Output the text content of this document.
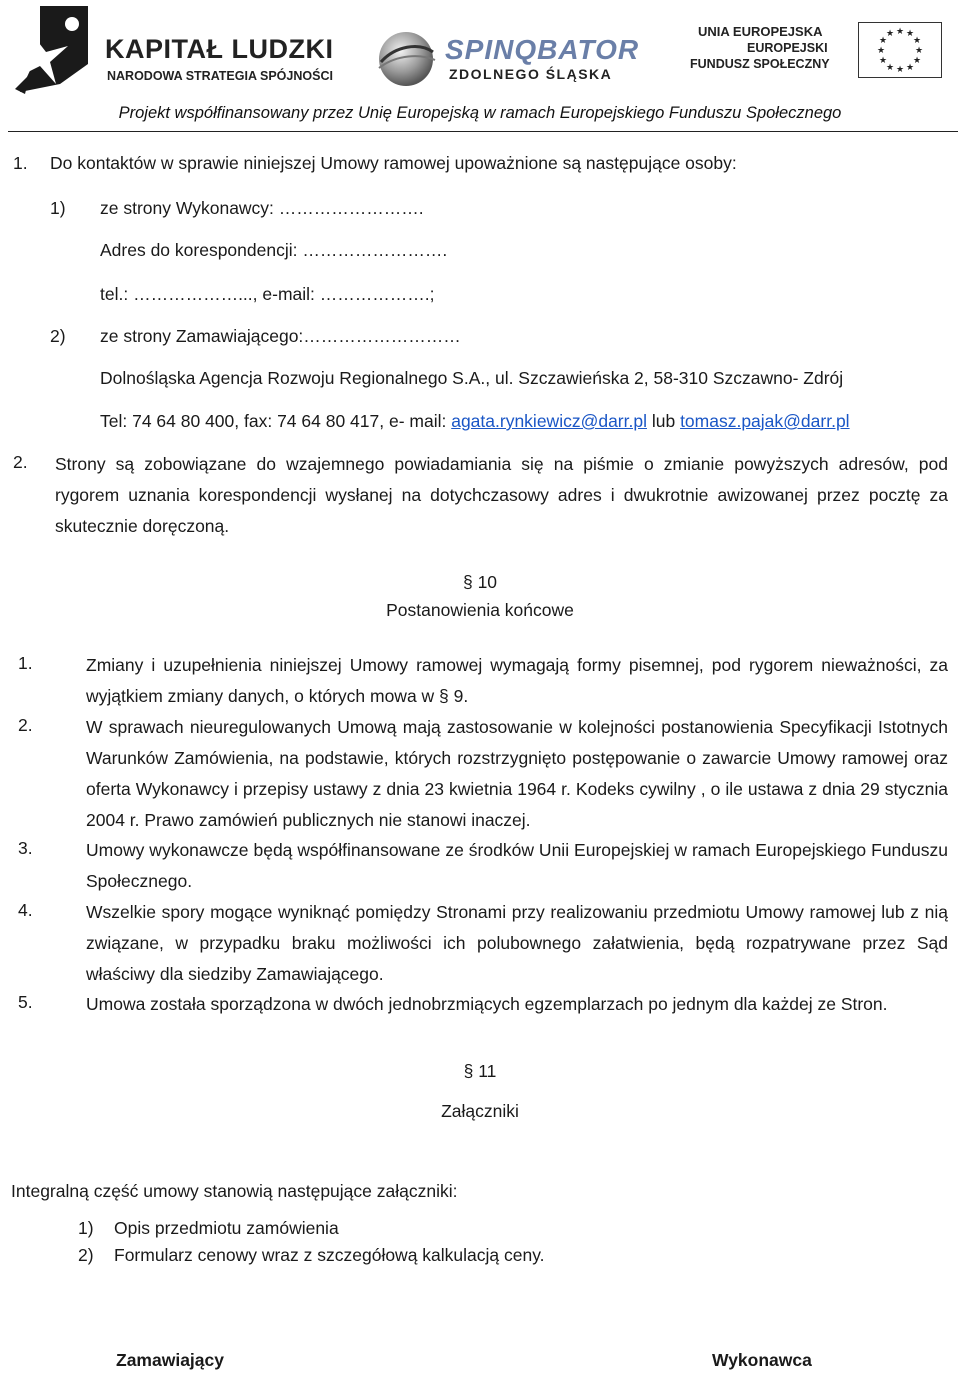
KAPITAŁ LUDZKI
NARODOWA STRATEGIA SPÓJNOŚCI
SPINQBATOR
ZDOLNEGO ŚLĄSKA
UNIA EUROPEJSKA
EUROPEJSKI
FUNDUSZ SPOŁECZNY
★ ★
★
★
★
★
★
★
★
★
★
★
Projekt współfinansowany przez Unię Europejską w ramach Europejskiego Funduszu Społecznego
1. Do kontaktów w sprawie niniejszej Umowy ramowej upoważnione są następujące osoby:
1) ze strony Wykonawcy: …………………….
Adres do korespondencji: …………………….
tel.: ………………..., e-mail: ……………….;
2) ze strony Zamawiającego:………………………
Dolnośląska Agencja Rozwoju Regionalnego S.A., ul. Szczawieńska 2, 58-310 Szczawno- Zdrój
Tel: 74 64 80 400, fax: 74 64 80 417, e- mail: agata.rynkiewicz@darr.pl lub tomasz.pajak@darr.pl
2. Strony są zobowiązane do wzajemnego powiadamiania się na piśmie o zmianie powyższych adresów, pod rygorem uznania korespondencji wysłanej na dotychczasowy adres i dwukrotnie awizowanej przez pocztę za skutecznie doręczoną.
§ 10
Postanowienia końcowe
1.	Zmiany i uzupełnienia niniejszej Umowy ramowej wymagają formy pisemnej, pod rygorem nieważności, za wyjątkiem zmiany danych, o których mowa w § 9.
2.	W sprawach nieuregulowanych Umową mają zastosowanie w kolejności postanowienia Specyfikacji Istotnych Warunków Zamówienia, na podstawie, których rozstrzygnięto postępowanie o zawarcie Umowy ramowej oraz oferta Wykonawcy i przepisy ustawy z dnia 23 kwietnia 1964 r. Kodeks cywilny , o ile ustawa z dnia 29 stycznia 2004 r. Prawo zamówień publicznych nie stanowi inaczej.
3.	Umowy wykonawcze będą współfinansowane ze środków Unii Europejskiej w ramach Europejskiego Funduszu Społecznego.
4.	Wszelkie spory mogące wyniknąć pomiędzy Stronami przy realizowaniu przedmiotu Umowy ramowej lub z nią związane, w przypadku braku możliwości ich polubownego załatwienia, będą rozpatrywane przez Sąd właściwy dla siedziby Zamawiającego.
5.	Umowa została sporządzona w dwóch jednobrzmiących egzemplarzach po jednym dla każdej ze Stron.
§ 11
Załączniki
Integralną część umowy stanowią następujące załączniki:
1) Opis przedmiotu zamówienia
2) Formularz cenowy wraz z szczegółową kalkulacją ceny.
Zamawiający	Wykonawca
